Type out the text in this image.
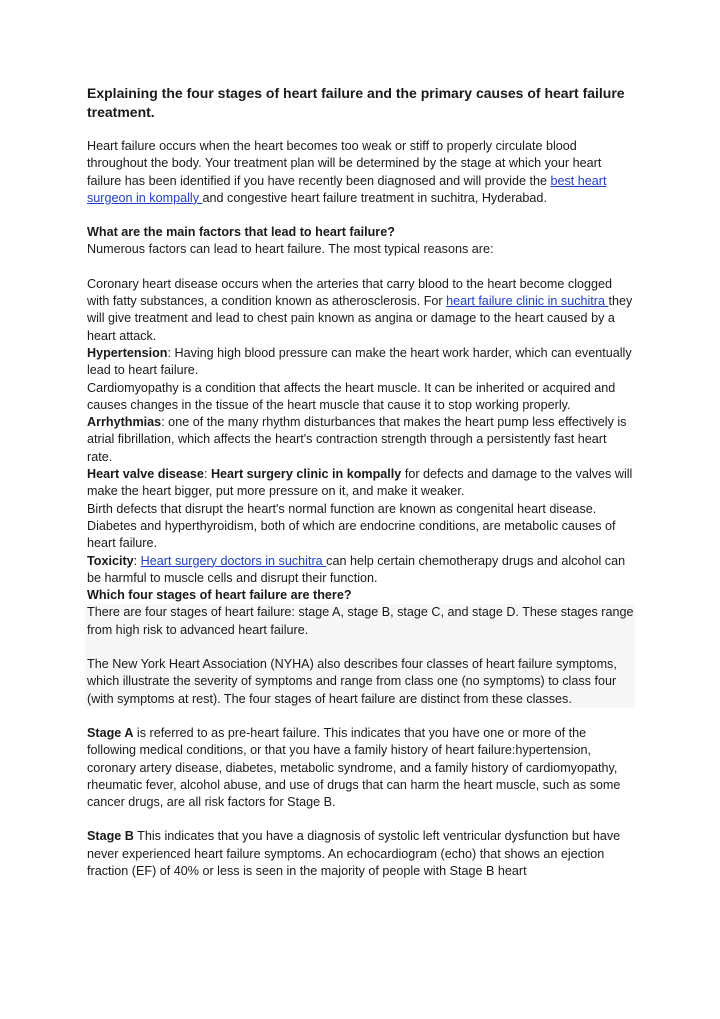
Explaining the four stages of heart failure and the primary causes of heart failure treatment.

Heart failure occurs when the heart becomes too weak or stiff to properly circulate blood throughout the body. Your treatment plan will be determined by the stage at which your heart failure has been identified if you have recently been diagnosed and will provide the best heart surgeon in kompally and congestive heart failure treatment in suchitra, Hyderabad.

What are the main factors that lead to heart failure?

Numerous factors can lead to heart failure. The most typical reasons are:

Coronary heart disease occurs when the arteries that carry blood to the heart become clogged with fatty substances, a condition known as atherosclerosis. For heart failure clinic in suchitra they will give treatment and lead to chest pain known as angina or damage to the heart caused by a heart attack.

Hypertension: Having high blood pressure can make the heart work harder, which can eventually lead to heart failure.

Cardiomyopathy is a condition that affects the heart muscle. It can be inherited or acquired and causes changes in the tissue of the heart muscle that cause it to stop working properly.

Arrhythmias: one of the many rhythm disturbances that makes the heart pump less effectively is atrial fibrillation, which affects the heart's contraction strength through a persistently fast heart rate.

Heart valve disease: Heart surgery clinic in kompally for defects and damage to the valves will make the heart bigger, put more pressure on it, and make it weaker.

Birth defects that disrupt the heart's normal function are known as congenital heart disease.

Diabetes and hyperthyroidism, both of which are endocrine conditions, are metabolic causes of heart failure.

Toxicity: Heart surgery doctors in suchitra can help certain chemotherapy drugs and alcohol can be harmful to muscle cells and disrupt their function.

Which four stages of heart failure are there?

There are four stages of heart failure: stage A, stage B, stage C, and stage D. These stages range from high risk to advanced heart failure.

The New York Heart Association (NYHA) also describes four classes of heart failure symptoms, which illustrate the severity of symptoms and range from class one (no symptoms) to class four (with symptoms at rest). The four stages of heart failure are distinct from these classes.

Stage A is referred to as pre-heart failure. This indicates that you have one or more of the following medical conditions, or that you have a family history of heart failure:hypertension, coronary artery disease, diabetes, metabolic syndrome, and a family history of cardiomyopathy, rheumatic fever, alcohol abuse, and use of drugs that can harm the heart muscle, such as some cancer drugs, are all risk factors for Stage B.

Stage B This indicates that you have a diagnosis of systolic left ventricular dysfunction but have never experienced heart failure symptoms. An echocardiogram (echo) that shows an ejection fraction (EF) of 40% or less is seen in the majority of people with Stage B heart
